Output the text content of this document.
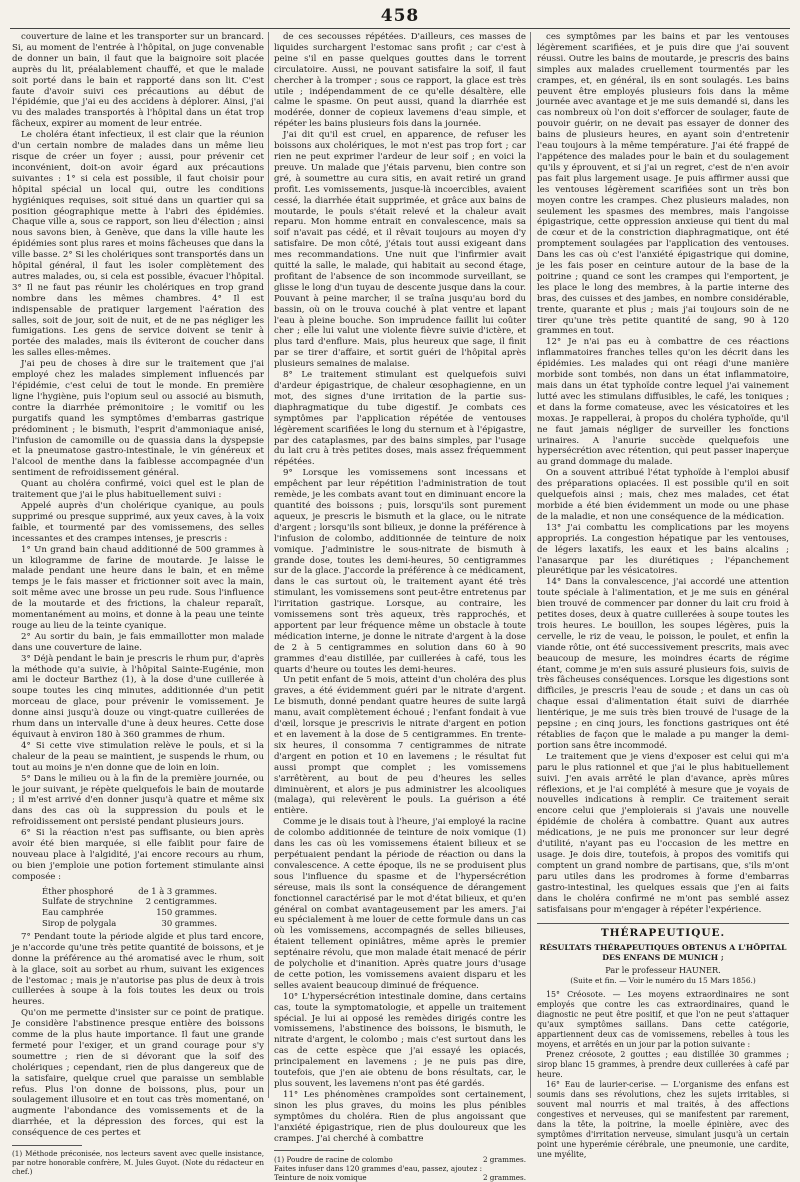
458

couverture de laine et les transporter sur un brancard. Si, au moment de l'entrée à l'hôpital, on juge convenable de donner un bain, il faut que la baignoire soit placée auprès du lit, préalablement chauffé, et que le malade soit porté dans le bain et rapporté dans son lit. C'est faute d'avoir suivi ces précautions au début de l'épidémie, que j'ai eu des accidens à déplorer. Ainsi, j'ai vu des malades transportés à l'hôpital dans un état trop fâcheux, expirer au moment de leur entrée.

Le choléra étant infectieux, il est clair que la réunion d'un certain nombre de malades dans un même lieu risque de créer un foyer ; aussi, pour prévenir cet inconvénient, doit-on avoir égard aux précautions suivantes : 1° si cela est possible, il faut choisir pour hôpital spécial un local qui, outre les conditions hygiéniques requises, soit situé dans un quartier qui sa position géographique mette à l'abri des épidémies. Chaque ville a, sous ce rapport, son lieu d'élection ; ainsi nous savons bien, à Genève, que dans la ville haute les épidémies sont plus rares et moins fâcheuses que dans la ville basse. 2° Si les cholériques sont transportés dans un hôpital général, il faut les isoler complètement des autres malades, ou, si cela est possible, évacuer l'hôpital. 3° Il ne faut pas réunir les cholériques en trop grand nombre dans les mêmes chambres. 4° Il est indispensable de pratiquer largement l'aération des salles, soit de jour, soit de nuit, et de ne pas négliger les fumigations. Les gens de service doivent se tenir à portée des malades, mais ils éviteront de coucher dans les salles elles-mêmes.

J'ai peu de choses à dire sur le traitement que j'ai employé chez les malades simplement influencés par l'épidémie, c'est celui de tout le monde. En première ligne l'hygiène, puis l'opium seul ou associé au bismuth, contre la diarrhée prémonitoire ; le vomitif ou les purgatifs quand les symptômes d'embarras gastrique prédominent ; le bismuth, l'esprit d'ammoniaque anisé, l'infusion de camomille ou de quassia dans la dyspepsie et la pneumatose gastro-intestinale, le vin généreux et l'alcool de menthe dans la faiblesse accompagnée d'un sentiment de refroidissement général.

Quant au choléra confirmé, voici quel est le plan de traitement que j'ai le plus habituellement suivi :

Appelé auprès d'un cholérique cyanique, au pouls supprimé ou presque supprimé, aux yeux caves, à la voix faible, et tourmenté par des vomissemens, des selles incessantes et des crampes intenses, je prescris :

1° Un grand bain chaud additionné de 500 grammes à un kilogramme de farine de moutarde. Je laisse le malade pendant une heure dans le bain, et en même temps je le fais masser et frictionner soit avec la main, soit même avec une brosse un peu rude. Sous l'influence de la moutarde et des frictions, la chaleur reparaît, momentanément au moins, et donne à la peau une teinte rouge au lieu de la teinte cyanique.

2° Au sortir du bain, je fais emmaillotter mon malade dans une couverture de laine.

3° Déjà pendant le bain je prescris le rhum pur, d'après la méthode qu'a suivie, à l'hôpital Sainte-Eugénie, mon ami le docteur Barthez (1), à la dose d'une cuillerée à soupe toutes les cinq minutes, additionnée d'un petit morceau de glace, pour prévenir le vomissement. Je donne ainsi jusqu'à douze ou vingt-quatre cuillerées de rhum dans un intervalle d'une à deux heures. Cette dose équivaut à environ 180 à 360 grammes de rhum.

4° Si cette vive stimulation relève le pouls, et si la chaleur de la peau se maintient, je suspends le rhum, ou tout au moins je n'en donne que de loin en loin.

5° Dans le milieu ou à la fin de la première journée, ou le jour suivant, je répète quelquefois le bain de moutarde ; il m'est arrivé d'en donner jusqu'à quatre et même six dans des cas où la suppression du pouls et le refroidissement ont persisté pendant plusieurs jours.

6° Si la réaction n'est pas suffisante, ou bien après avoir été bien marquée, si elle faiblit pour faire de nouveau place à l'algidité, j'ai encore recours au rhum, ou bien j'emploie une potion fortement stimulante ainsi composée :

Éther phosphoré	de 1 à 3 grammes.
Sulfate de strychnine 2 centigrammes.
Eau camphrée	150 grammes.
Sirop de polygala	30 grammes.

7° Pendant toute la période algide et plus tard encore, je n'accorde qu'une très petite quantité de boissons, et je donne la préférence au thé aromatisé avec le rhum, soit à la glace, soit au sorbet au rhum, suivant les exigences de l'estomac ; mais je n'autorise pas plus de deux à trois cuillerées à soupe à la fois toutes les deux ou trois heures.

Qu'on me permette d'insister sur ce point de pratique. Je considère l'abstinence presque entière des boissons comme de la plus haute importance. Il faut une grande fermeté pour l'exiger, et un grand courage pour s'y soumettre ; rien de si dévorant que la soif des cholériques ; cependant, rien de plus dangereux que de la satisfaire, quelque cruel que paraisse un semblable refus. Plus l'on donne de boissons, plus, pour un soulagement illusoire et en tout cas très momentané, on augmente l'abondance des vomissements et de la diarrhée, et la dépression des forces, qui est la conséquence de ces pertes et

(1) Méthode préconisée, nos lecteurs savent avec quelle insistance, par notre honorable confrère, M. Jules Guyot. (Note du rédacteur en chef.)

de ces secousses répétées. D'ailleurs, ces masses de liquides surchargent l'estomac sans profit ; car c'est à peine s'il en passe quelques gouttes dans le torrent circulatoire. Aussi, ne pouvant satisfaire la soif, il faut chercher à la tromper ; sous ce rapport, la glace est très utile ; indépendamment de ce qu'elle désaltère, elle calme le spasme. On peut aussi, quand la diarrhée est modérée, donner de copieux lavemens d'eau simple, et répéter les bains plusieurs fois dans la journée.

J'ai dit qu'il est cruel, en apparence, de refuser les boissons aux cholériques, le mot n'est pas trop fort ; car rien ne peut exprimer l'ardeur de leur soif ; en voici la preuve. Un malade que j'étais parvenu, bien contre son gré, à soumettre au cura sitis, en avait retiré un grand profit. Les vomissements, jusque-là incoercibles, avaient cessé, la diarrhée était supprimée, et grâce aux bains de moutarde, le pouls s'était relevé et la chaleur avait reparu. Mon homme entrait en convalescence, mais sa soif n'avait pas cédé, et il rêvait toujours au moyen d'y satisfaire. De mon côté, j'étais tout aussi exigeant dans mes recommandations. Une nuit que l'infirmier avait quitté la salle, le malade, qui habitait au second étage, profitant de l'absence de son incommode surveillant, se glisse le long d'un tuyau de descente jusque dans la cour. Pouvant à peine marcher, il se traîna jusqu'au bord du bassin, où on le trouva couché à plat ventre et lapant l'eau à pleine bouche. Son imprudence faillit lui coûter cher ; elle lui valut une violente fièvre suivie d'ictère, et plus tard d'enflure. Mais, plus heureux que sage, il finit par se tirer d'affaire, et sortit guéri de l'hôpital après plusieurs semaines de malaise.

8° Le traitement stimulant est quelquefois suivi d'ardeur épigastrique, de chaleur œsophagienne, en un mot, des signes d'une irritation de la partie sus-diaphragmatique du tube digestif. Je combats ces symptômes par l'application répétée de ventouses légèrement scarifiées le long du sternum et à l'épigastre, par des cataplasmes, par des bains simples, par l'usage du lait cru à très petites doses, mais assez fréquemment répétées.

9° Lorsque les vomissemens sont incessans et empêchent par leur répétition l'administration de tout remède, je les combats avant tout en diminuant encore la quantité des boissons ; puis, lorsqu'ils sont purement aqueux, je prescris le bismuth et la glace, ou le nitrate d'argent ; lorsqu'ils sont bilieux, je donne la préférence à l'infusion de colombo, additionnée de teinture de noix vomique. J'administre le sous-nitrate de bismuth à grande dose, toutes les demi-heures, 50 centigrammes sur de la glace. J'accorde la préférence à ce médicament, dans le cas surtout où, le traitement ayant été très stimulant, les vomissemens sont peut-être entretenus par l'irritation gastrique. Lorsque, au contraire, les vomissemens sont très aqueux, très rapprochés, et apportent par leur fréquence même un obstacle à toute médication interne, je donne le nitrate d'argent à la dose de 2 à 5 centigrammes en solution dans 60 à 90 grammes d'eau distillée, par cuillerées à café, tous les quarts d'heure ou toutes les demi-heures.

Un petit enfant de 5 mois, atteint d'un choléra des plus graves, a été évidemment guéri par le nitrate d'argent. Le bismuth, donné pendant quatre heures de suite largâ manu, avait complètement échoué ; l'enfant fondait à vue d'œil, lorsque je prescrivis le nitrate d'argent en potion et en lavement à la dose de 5 centigrammes. En trente-six heures, il consomma 7 centigrammes de nitrate d'argent en potion et 10 en lavemens ; le résultat fut aussi prompt que complet ; les vomissemens s'arrêtèrent, au bout de peu d'heures les selles diminuèrent, et alors je pus administrer les alcooliques (malaga), qui relevèrent le pouls. La guérison a été entière.

Comme je le disais tout à l'heure, j'ai employé la racine de colombo additionnée de teinture de noix vomique (1) dans les cas où les vomissemens étaient bilieux et se perpétuaient pendant la période de réaction ou dans la convalescence. A cette époque, ils ne se produisent plus sous l'influence du spasme et de l'hypersécrétion séreuse, mais ils sont la conséquence de dérangement fonctionnel caractérisé par le mot d'état bilieux, et qu'en général on combat avantageusement par les amers. J'ai eu spécialement à me louer de cette formule dans un cas où les vomissemens, accompagnés de selles bilieuses, étaient tellement opiniâtres, même après le premier septénaire révolu, que mon malade était menacé de périr de polycholie et d'inanition. Après quatre jours d'usage de cette potion, les vomissemens avaient disparu et les selles avaient beaucoup diminué de fréquence.

10° L'hypersécrétion intestinale domine, dans certains cas, toute la symptomatologie, et appelle un traitement spécial. Je lui ai opposé les remèdes dirigés contre les vomissemens, l'abstinence des boissons, le bismuth, le nitrate d'argent, le colombo ; mais c'est surtout dans les cas de cette espèce que j'ai essayé les opiacés, principalement en lavemens ; je ne puis pas dire, toutefois, que j'en aie obtenu de bons résultats, car, le plus souvent, les lavemens n'ont pas été gardés.

11° Les phénomènes crampoïdes sont certainement, sinon les plus graves, du moins les plus pénibles symptômes du choléra. Rien de plus angoissant que l'anxiété épigastrique, rien de plus douloureux que les crampes. J'ai cherché à combattre

(1) Poudre de racine de colombo	2 grammes.
Faites infuser dans 120 grammes d'eau, passez, ajoutez :
Teinture de noix vomique	2 grammes.

ces symptômes par les bains et par les ventouses légèrement scarifiées, et je puis dire que j'ai souvent réussi. Outre les bains de moutarde, je prescris des bains simples aux malades cruellement tourmentés par les crampes, et, en général, ils en sont soulagés. Les bains peuvent être employés plusieurs fois dans la même journée avec avantage et je me suis demandé si, dans les cas nombreux où l'on doit s'efforcer de soulager, faute de pouvoir guérir, on ne devait pas essayer de donner des bains de plusieurs heures, en ayant soin d'entretenir l'eau toujours à la même température. J'ai été frappé de l'appétence des malades pour le bain et du soulagement qu'ils y éprouvent, et si j'ai un regret, c'est de n'en avoir pas fait plus largement usage. Je puis affirmer aussi que les ventouses légèrement scarifiées sont un très bon moyen contre les crampes. Chez plusieurs malades, non seulement les spasmes des membres, mais l'angoisse épigastrique, cette oppression anxieuse qui tient du mal de cœur et de la constriction diaphragmatique, ont été promptement soulagées par l'application des ventouses. Dans les cas où c'est l'anxiété épigastrique qui domine, je les fais poser en ceinture autour de la base de la poitrine ; quand ce sont les crampes qui l'emportent, je les place le long des membres, à la partie interne des bras, des cuisses et des jambes, en nombre considérable, trente, quarante et plus ; mais j'ai toujours soin de ne tirer qu'une très petite quantité de sang, 90 à 120 grammes en tout.

12° Je n'ai pas eu à combattre de ces réactions inflammatoires franches telles qu'on les décrit dans les épidémies. Les malades qui ont réagi d'une manière morbide sont tombés, non dans un état inflammatoire, mais dans un état typhoïde contre lequel j'ai vainement lutté avec les stimulans diffusibles, le café, les toniques ; et dans la forme comateuse, avec les vésicatoires et les moxas. Je rappellerai, à propos du choléra typhoïde, qu'il ne faut jamais négliger de surveiller les fonctions urinaires. A l'anurie succède quelquefois une hypersécrétion avec rétention, qui peut passer inaperçue au grand dommage du malade.

On a souvent attribué l'état typhoïde à l'emploi abusif des préparations opiacées. Il est possible qu'il en soit quelquefois ainsi ; mais, chez mes malades, cet état morbide a été bien évidemment un mode ou une phase de la maladie, et non une conséquence de la médication.

13° J'ai combattu les complications par les moyens appropriés. La congestion hépatique par les ventouses, de légers laxatifs, les eaux et les bains alcalins ; l'anasarque par les diurétiques ; l'épanchement pleurétique par les vésicatoires.

14° Dans la convalescence, j'ai accordé une attention toute spéciale à l'alimentation, et je me suis en général bien trouvé de commencer par donner du lait cru froid à petites doses, deux à quatre cuillerées à soupe toutes les trois heures. Le bouillon, les soupes légères, puis la cervelle, le riz de veau, le poisson, le poulet, et enfin la viande rôtie, ont été successivement prescrits, mais avec beaucoup de mesure, les moindres écarts de régime étant, comme je m'en suis assuré plusieurs fois, suivis de très fâcheuses conséquences. Lorsque les digestions sont difficiles, je prescris l'eau de soude ; et dans un cas où chaque essai d'alimentation était suivi de diarrhée lientérique, je me suis très bien trouvé de l'usage de la pepsine ; en cinq jours, les fonctions gastriques ont été rétablies de façon que le malade a pu manger la demi-portion sans être incommodé.

Le traitement que je viens d'exposer est celui qui m'a paru le plus rationnel et que j'ai le plus habituellement suivi. J'en avais arrêté le plan d'avance, après mûres réflexions, et je l'ai complété à mesure que je voyais de nouvelles indications à remplir. Ce traitement serait encore celui que j'emploierais si j'avais une nouvelle épidémie de choléra à combattre. Quant aux autres médications, je ne puis me prononcer sur leur degré d'utilité, n'ayant pas eu l'occasion de les mettre en usage. Je dois dire, toutefois, à propos des vomitifs qui comptent un grand nombre de partisans, que, s'ils m'ont paru utiles dans les prodromes à forme d'embarras gastro-intestinal, les quelques essais que j'en ai faits dans le choléra confirmé ne m'ont pas semblé assez satisfaisans pour m'engager à répéter l'expérience.

THÉRAPEUTIQUE.
RÉSULTATS THÉRAPEUTIQUES OBTENUS A L'HÔPITAL DES ENFANS DE MUNICH ;
Par le professeur HAUNER.
(Suite et fin. — Voir le numéro du 15 Mars 1856.)

15° Créosote. — Les moyens extraordinaires ne sont employés que contre les cas extraordinaires, quand le diagnostic ne peut être positif, et que l'on ne peut s'attaquer qu'aux symptômes saillans. Dans cette catégorie, appartiennent deux cas de vomissemens, rebelles à tous les moyens, et arrêtés en un jour par la potion suivante :

Prenez créosote, 2 gouttes ; eau distillée 30 grammes ; sirop blanc 15 grammes, à prendre deux cuillerées à café par heure.

16° Eau de laurier-cerise. — L'organisme des enfans est soumis dans ses révolutions, chez les sujets irritables, si souvent mal nourris et mal traités, à des affections congestives et nerveuses, qui se manifestent par rarement, dans la tête, la poitrine, la moelle épinière, avec des symptômes d'irritation nerveuse, simulant jusqu'à un certain point une hyperémie cérébrale, une pneumonie, une cardite, une myélite,
